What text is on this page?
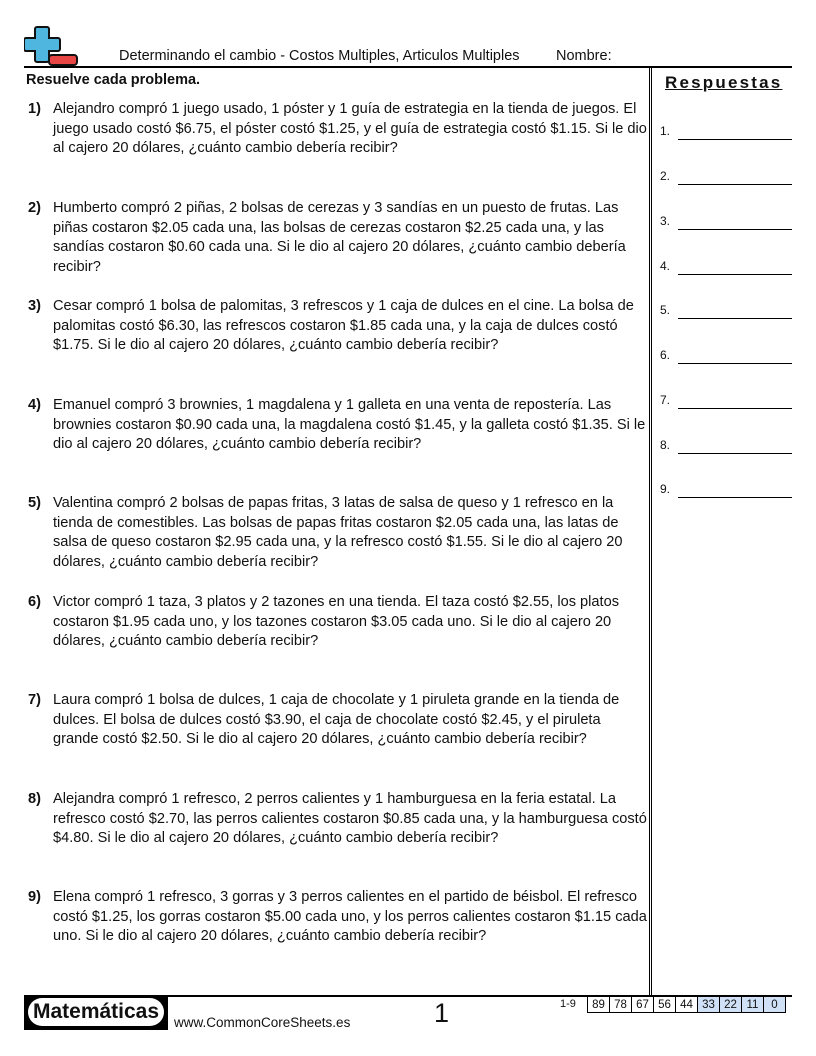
Determinando el cambio - Costos Multiples, Articulos Multiples	Nombre:
Resuelve cada problema.	Respuestas
1.
2.
3.
4.
5.
6.
7.
8.
9.
1) Alejandro compró 1 juego usado, 1 póster y 1 guía de estrategia en la tienda de juegos. El juego usado costó $6.75, el póster costó $1.25, y el guía de estrategia costó $1.15. Si le dio al cajero 20 dólares, ¿cuánto cambio debería recibir?
2) Humberto compró 2 piñas, 2 bolsas de cerezas y 3 sandías en un puesto de frutas. Las piñas costaron $2.05 cada una, las bolsas de cerezas costaron $2.25 cada una, y las sandías costaron $0.60 cada una. Si le dio al cajero 20 dólares, ¿cuánto cambio debería recibir?
3) Cesar compró 1 bolsa de palomitas, 3 refrescos y 1 caja de dulces en el cine. La bolsa de palomitas costó $6.30, las refrescos costaron $1.85 cada una, y la caja de dulces costó $1.75. Si le dio al cajero 20 dólares, ¿cuánto cambio debería recibir?
4) Emanuel compró 3 brownies, 1 magdalena y 1 galleta en una venta de repostería. Las brownies costaron $0.90 cada una, la magdalena costó $1.45, y la galleta costó $1.35. Si le dio al cajero 20 dólares, ¿cuánto cambio debería recibir?
5) Valentina compró 2 bolsas de papas fritas, 3 latas de salsa de queso y 1 refresco en la tienda de comestibles. Las bolsas de papas fritas costaron $2.05 cada una, las latas de salsa de queso costaron $2.95 cada una, y la refresco costó $1.55. Si le dio al cajero 20 dólares, ¿cuánto cambio debería recibir?
6) Victor compró 1 taza, 3 platos y 2 tazones en una tienda. El taza costó $2.55, los platos costaron $1.95 cada uno, y los tazones costaron $3.05 cada uno. Si le dio al cajero 20 dólares, ¿cuánto cambio debería recibir?
7) Laura compró 1 bolsa de dulces, 1 caja de chocolate y 1 piruleta grande en la tienda de dulces. El bolsa de dulces costó $3.90, el caja de chocolate costó $2.45, y el piruleta grande costó $2.50. Si le dio al cajero 20 dólares, ¿cuánto cambio debería recibir?
8) Alejandra compró 1 refresco, 2 perros calientes y 1 hamburguesa en la feria estatal. La refresco costó $2.70, las perros calientes costaron $0.85 cada una, y la hamburguesa costó $4.80. Si le dio al cajero 20 dólares, ¿cuánto cambio debería recibir?
9) Elena compró 1 refresco, 3 gorras y 3 perros calientes en el partido de béisbol. El refresco costó $1.25, los gorras costaron $5.00 cada uno, y los perros calientes costaron $1.15 cada uno. Si le dio al cajero 20 dólares, ¿cuánto cambio debería recibir?
Matemáticas	www.CommonCoreSheets.es	1	1-9 89	78	67	56	44	33	22	11	0
